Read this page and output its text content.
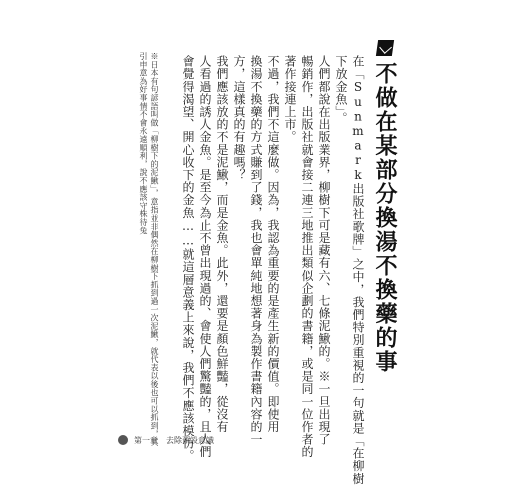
不做在某部分換湯不換藥的事
在「Sunmark出版社歌牌」之中，我們特別重視的一句就是「在柳樹
下放金魚」。
人們都說在出版業界，柳樹下可是藏有六、七條泥鰍的。※一旦出現了
暢銷作，出版社就會接二連三地推出類似企劃的書籍，或是同一位作者的
著作接連上市。
不過，我們不這麼做。因為，我認為重要的是產生新的價值。即使用
換湯不換藥的方式賺到了錢，我也會單純地想著身為製作書籍內容的一
方，這樣真的有趣嗎？
我們應該放的不是泥鰍，而是金魚。此外，還要是顏色鮮豔，從沒有
人看過的誘人金魚。是至今為止不曾出現過的、會使人們驚豔的，且人們
會覺得渴望、開心收下的金魚……就這層意義上來說，我們不應該模仿。
※日本有句諺語叫做「柳樹下的泥鰍」，意指並非偶然在柳樹下抓到過一次泥鰍，就代表以後也可以抓到，其
引申意為好事情不會永遠順利，說不應該守株待兔
第一章　去除預設意識
